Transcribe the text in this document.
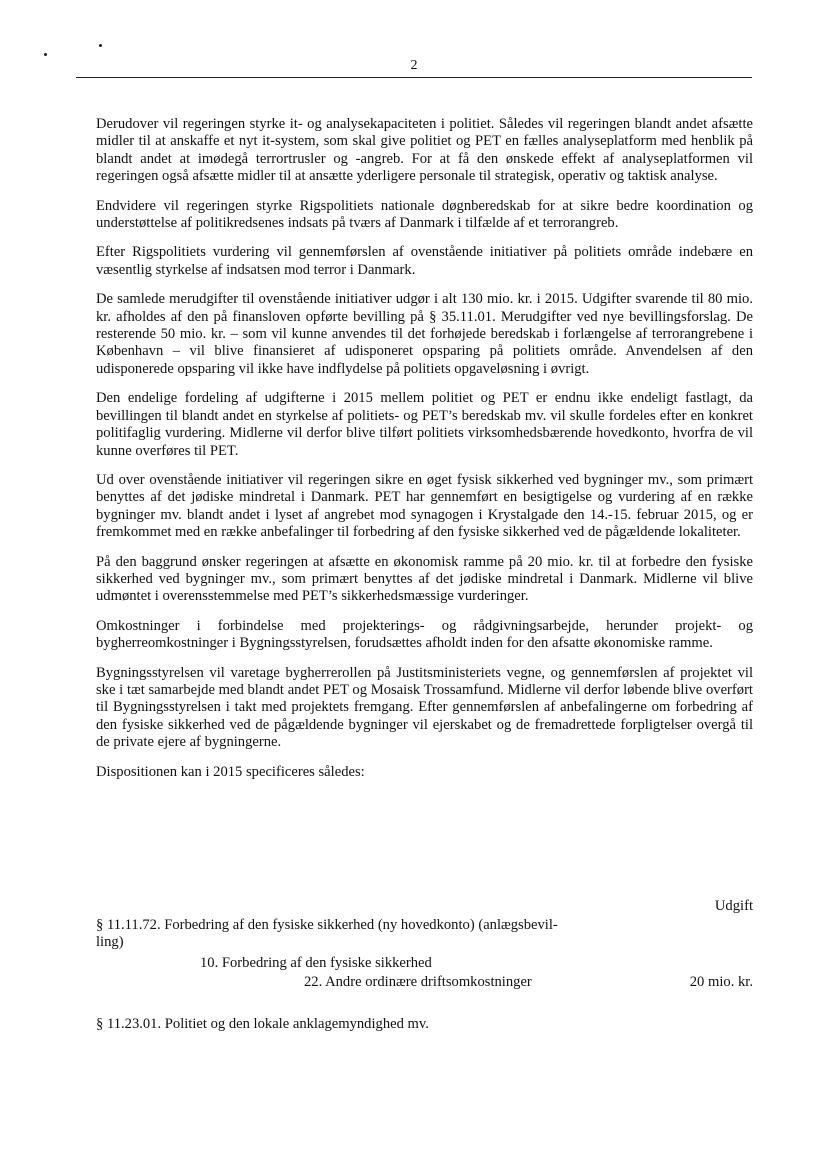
2

Derudover vil regeringen styrke it- og analysekapaciteten i politiet. Således vil regeringen blandt andet afsætte midler til at anskaffe et nyt it-system, som skal give politiet og PET en fælles analyseplatform med henblik på blandt andet at imødegå terrortrusler og -angreb. For at få den ønskede effekt af analyseplatformen vil regeringen også afsætte midler til at ansætte yderligere personale til strategisk, operativ og taktisk analyse.

Endvidere vil regeringen styrke Rigspolitiets nationale døgnberedskab for at sikre bedre koordination og understøttelse af politikredsenes indsats på tværs af Danmark i tilfælde af et terrorangreb.

Efter Rigspolitiets vurdering vil gennemførslen af ovenstående initiativer på politiets område indebære en væsentlig styrkelse af indsatsen mod terror i Danmark.

De samlede merudgifter til ovenstående initiativer udgør i alt 130 mio. kr. i 2015. Udgifter svarende til 80 mio. kr. afholdes af den på finansloven opførte bevilling på § 35.11.01. Merudgifter ved nye bevillingsforslag. De resterende 50 mio. kr. – som vil kunne anvendes til det forhøjede beredskab i forlængelse af terrorangrebene i København – vil blive finansieret af udisponeret opsparing på politiets område. Anvendelsen af den udisponerede opsparing vil ikke have indflydelse på politiets opgaveløsning i øvrigt.

Den endelige fordeling af udgifterne i 2015 mellem politiet og PET er endnu ikke endeligt fastlagt, da bevillingen til blandt andet en styrkelse af politiets- og PET’s beredskab mv. vil skulle fordeles efter en konkret politifaglig vurdering. Midlerne vil derfor blive tilført politiets virksomhedsbærende hovedkonto, hvorfra de vil kunne overføres til PET.

Ud over ovenstående initiativer vil regeringen sikre en øget fysisk sikkerhed ved bygninger mv., som primært benyttes af det jødiske mindretal i Danmark. PET har gennemført en besigtigelse og vurdering af en række bygninger mv. blandt andet i lyset af angrebet mod synagogen i Krystalgade den 14.-15. februar 2015, og er fremkommet med en række anbefalinger til forbedring af den fysiske sikkerhed ved de pågældende lokaliteter.

På den baggrund ønsker regeringen at afsætte en økonomisk ramme på 20 mio. kr. til at forbedre den fysiske sikkerhed ved bygninger mv., som primært benyttes af det jødiske mindretal i Danmark. Midlerne vil blive udmøntet i overensstemmelse med PET’s sikkerhedsmæssige vurderinger.

Omkostninger i forbindelse med projekterings- og rådgivningsarbejde, herunder projekt- og bygherreomkostninger i Bygningsstyrelsen, forudsættes afholdt inden for den afsatte økonomiske ramme.

Bygningsstyrelsen vil varetage bygherrerollen på Justitsministeriets vegne, og gennemførslen af projektet vil ske i tæt samarbejde med blandt andet PET og Mosaisk Trossamfund. Midlerne vil derfor løbende blive overført til Bygningsstyrelsen i takt med projektets fremgang. Efter gennemførslen af anbefalingerne om forbedring af den fysiske sikkerhed ved de pågældende bygninger vil ejerskabet og de fremadrettede forpligtelser overgå til de private ejere af bygningerne.

Dispositionen kan i 2015 specificeres således:

Udgift
§ 11.11.72. Forbedring af den fysiske sikkerhed (ny hovedkonto) (anlægsbevil-
ling)
10. Forbedring af den fysiske sikkerhed
22. Andre ordinære driftsomkostninger	20 mio. kr.
§ 11.23.01. Politiet og den lokale anklagemyndighed mv.
